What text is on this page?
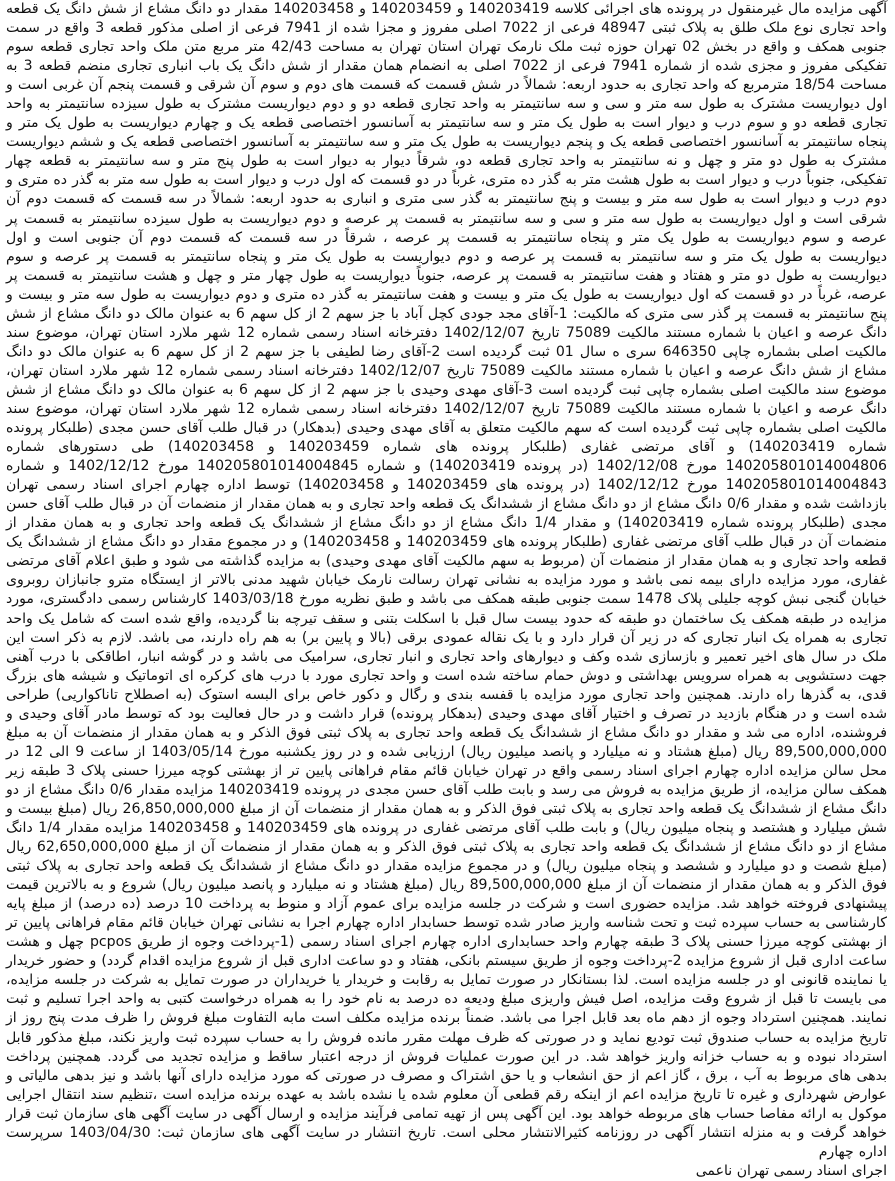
آگهی مزایده مال غیرمنقول در پرونده های اجرائی کلاسه 140203419 و 140203459 و 140203458 مقدار دو دانگ مشاع از شش دانگ یک قطعه واحد تجاری نوع ملک طلق به پلاک ثبتی 48947 فرعی از 7022 اصلی مفروز و مجزا شده از 7941 فرعی از اصلی مذکور قطعه 3 واقع در سمت جنوبی همکف و واقع در بخش 02 تهران حوزه ثبت ملک نارمک تهران استان تهران به مساحت 42/43 متر مربع متن ملک واحد تجاری قطعه سوم تفکیکی مفروز و مجزی شده از شماره 7941 فرعی از 7022 اصلی به انضمام همان مقدار از شش دانگ یک باب انباری تجاری منضم قطعه 3 به مساحت 18/54 مترمربع که واحد تجاری به حدود اربعه: شمالاً در شش قسمت که قسمت های دوم و سوم آن شرقی و قسمت پنجم آن غربی است و اول دیواریست مشترک به طول سه متر و سی و سه سانتیمتر به واحد تجاری قطعه دو و دوم دیواریست مشترک به طول سیزده سانتیمتر به واحد تجاری قطعه دو و سوم درب و دیوار است به طول یک متر و سه سانتیمتر به آسانسور اختصاصی قطعه یک و چهارم دیواریست به طول یک متر و پنجاه سانتیمتر به آسانسور اختصاصی قطعه یک و پنجم دیواریست به طول یک متر و سه سانتیمتر به آسانسور اختصاصی قطعه یک و ششم دیواریست مشترک به طول دو متر و چهل و نه سانتیمتر به واحد تجاری قطعه دو، شرقاً دیوار به دیوار است به طول پنج متر و سه سانتیمتر به قطعه چهار تفکیکی، جنوباً درب و دیوار است به طول هشت متر به گذر ده متری، غرباً در دو قسمت که اول درب و دیوار است به طول سه متر به گذر ده متری و دوم درب و دیوار است به طول سه متر و بیست و پنج سانتیمتر به گذر سی متری و انباری به حدود اربعه: شمالاً در سه قسمت که قسمت دوم آن شرقی است و اول دیواریست به طول سه متر و سی و سه سانتیمتر به قسمت پر عرصه و دوم دیواریست به طول سیزده سانتیمتر به قسمت پر عرصه و سوم دیواریست به طول یک متر و پنجاه سانتیمتر به قسمت پر عرصه ، شرقاً در سه قسمت که قسمت دوم آن جنوبی است و اول دیواریست به طول یک متر و سه سانتیمتر به قسمت پر عرصه و دوم دیواریست به طول یک متر و پنجاه سانتیمتر به قسمت پر عرصه و سوم دیواریست به طول دو متر و هفتاد و هفت سانتیمتر به قسمت پر عرصه، جنوباً دیواریست به طول چهار متر و چهل و هشت سانتیمتر به قسمت پر عرصه، غرباً در دو قسمت که اول دیواریست به طول یک متر و بیست و هفت سانتیمتر به گذر ده متری و دوم دیواریست به طول سه متر و بیست و پنج سانتیمتر به قسمت پر گذر سی متری که مالکیت: 1-آقای مجد جودی کچل آباد با جز سهم 2 از کل سهم 6 به عنوان مالک دو دانگ مشاع از شش دانگ عرصه و اعیان با شماره مستند مالکیت 75089 تاریخ 1402/12/07 دفترخانه اسناد رسمی شماره 12 شهر ملارد استان تهران، موضوع سند مالکیت اصلی بشماره چاپی 646350 سری ه سال 01 ثبت گردیده است 2-آقای رضا لطیفی با جز سهم 2 از کل سهم 6 به عنوان مالک دو دانگ مشاع از شش دانگ عرصه و اعیان با شماره مستند مالکیت 75089 تاریخ 1402/12/07 دفترخانه اسناد رسمی شماره 12 شهر ملارد استان تهران، موضوع سند مالکیت اصلی بشماره چاپی ثبت گردیده است 3-آقای مهدی وحیدی با جز سهم 2 از کل سهم 6 به عنوان مالک دو دانگ مشاع از شش دانگ عرصه و اعیان با شماره مستند مالکیت 75089 تاریخ 1402/12/07 دفترخانه اسناد رسمی شماره 12 شهر ملارد استان تهران، موضوع سند مالکیت اصلی بشماره چاپی ثبت گردیده است که سهم مالکیت متعلق به آقای مهدی وحیدی (بدهکار) در قبال طلب آقای حسن مجدی (طلبکار پرونده شماره 140203419) و آقای مرتضی غفاری (طلبکار پرونده های شماره 140203459 و 140203458) طی دستورهای شماره 140205801014004806 مورخ 1402/12/08 (در پرونده 140203419) و شماره 140205801014004845 مورخ 1402/12/12 و شماره 140205801014004843 مورخ 1402/12/12 (در پرونده های 140203459 و 140203458) توسط اداره چهارم اجرای اسناد رسمی تهران بازداشت شده و مقدار 0/6 دانگ مشاع از دو دانگ مشاع از ششدانگ یک قطعه واحد تجاری و به همان مقدار از منضمات آن در قبال طلب آقای حسن مجدی (طلبکار پرونده شماره 140203419) و مقدار 1/4 دانگ مشاع از دو دانگ مشاع از ششدانگ یک قطعه واحد تجاری و به همان مقدار از منضمات آن در قبال طلب آقای مرتضی غفاری (طلبکار پرونده های 140203459 و 140203458) و در مجموع مقدار دو دانگ مشاع از ششدانگ یک قطعه واحد تجاری و به همان مقدار از منضمات آن (مربوط به سهم مالکیت آقای مهدی وحیدی) به مزایده گذاشته می شود و طبق اعلام آقای مرتضی غفاری، مورد مزایده دارای بیمه نمی باشد و مورد مزایده به نشانی تهران رسالت نارمک خیابان شهید مدنی بالاتر از ایستگاه مترو جانبازان روبروی خیابان گنجی نبش کوچه جلیلی پلاک 1478 سمت جنوبی طبقه همکف می باشد و طبق نظریه مورخ 1403/03/18 کارشناس رسمی دادگستری، مورد مزایده در طبقه همکف یک ساختمان دو طبقه که حدود بیست سال قبل با اسکلت بتنی و سقف تیرچه بنا گردیده، واقع شده است که شامل یک واحد تجاری به همراه یک انبار تجاری که در زیر آن قرار دارد و با یک نقاله عمودی برقی (بالا و پایین بر) به هم راه دارند، می باشد. لازم به ذکر است این ملک در سال های اخیر تعمیر و بازسازی شده وکف و دیوارهای واحد تجاری و انبار تجاری، سرامیک می باشد و در گوشه انبار، اطاقکی با درب آهنی جهت دستشویی به همراه سرویس بهداشتی و دوش حمام ساخته شده است و واحد تجاری مورد با درب های کرکره ای اتوماتیک و شیشه های بزرگ قدی، به گذرها راه دارند. همچنین واحد تجاری مورد مزایده با قفسه بندی و رگال و دکور خاص برای البسه استوک (به اصطلاح تاناکواریی) طراحی شده است و در هنگام بازدید در تصرف و اختیار آقای مهدی وحیدی (بدهکار پرونده) قرار داشت و در حال فعالیت بود که توسط مادر آقای وحیدی و فروشنده، اداره می شد و مقدار دو دانگ مشاع از ششدانگ یک قطعه واحد تجاری به پلاک ثبتی فوق الذکر و به همان مقدار از منضمات آن به مبلغ 89,500,000,000 ریال (مبلغ هشتاد و نه میلیارد و پانصد میلیون ریال) ارزیابی شده و در روز یکشنبه مورخ 1403/05/14 از ساعت 9 الی 12 در محل سالن مزایده اداره چهارم اجرای اسناد رسمی واقع در تهران خیابان قائم مقام فراهانی پایین تر از بهشتی کوچه میرزا حسنی پلاک 3 طبقه زیر همکف سالن مزایده، از طریق مزایده به فروش می رسد و بابت طلب آقای حسن مجدی در پرونده 140203419 مزایده مقدار 0/6 دانگ مشاع از دو دانگ مشاع از ششدانگ یک قطعه واحد تجاری به پلاک ثبتی فوق الذکر و به همان مقدار از منضمات آن از مبلغ 26,850,000,000 ریال (مبلغ بیست و شش میلیارد و هشتصد و پنجاه میلیون ریال) و بابت طلب آقای مرتضی غفاری در پرونده های 140203459 و 140203458 مزایده مقدار 1/4 دانگ مشاع از دو دانگ مشاع از ششدانگ یک قطعه واحد تجاری به پلاک ثبتی فوق الذکر و به همان مقدار از منضمات آن از مبلغ 62,650,000,000 ریال (مبلغ شصت و دو میلیارد و ششصد و پنجاه میلیون ریال) و در مجموع مزایده مقدار دو دانگ مشاع از ششدانگ یک قطعه واحد تجاری به پلاک ثبتی فوق الذکر و به همان مقدار از منضمات آن از مبلغ 89,500,000,000 ریال (مبلغ هشتاد و نه میلیارد و پانصد میلیون ریال) شروع و به بالاترین قیمت پیشنهادی فروخته خواهد شد. مزایده حضوری است و شرکت در جلسه مزایده برای عموم آزاد و منوط به پرداخت 10 درصد (ده درصد) از مبلغ پایه کارشناسی به حساب سپرده ثبت و تحت شناسه واریز صادر شده توسط حسابدار اداره چهارم اجرا به نشانی تهران خیابان قائم مقام فراهانی پایین تر از بهشتی کوچه میرزا حسنی پلاک 3 طبقه چهارم واحد حسابداری اداره چهارم اجرای اسناد رسمی (1-پرداخت وجوه از طریق pcpos چهل و هشت ساعت اداری قبل از شروع مزایده 2-پرداخت وجوه از طریق سیستم بانکی، هفتاد و دو ساعت اداری قبل از شروع مزایده اقدام گردد) و حضور خریدار یا نماینده قانونی او در جلسه مزایده است. لذا بستانکار در صورت تمایل به رقابت و خریدار یا خریداران در صورت تمایل به شرکت در جلسه مزایده، می بایست تا قبل از شروع وقت مزایده، اصل فیش واریزی مبلغ ودیعه ده درصد به نام خود را به همراه درخواست کتبی به واحد اجرا تسلیم و ثبت نمایند. همچنین استرداد وجوه از دهم ماه بعد قابل اجرا می باشد. ضمناً برنده مزایده مکلف است مابه التفاوت مبلغ فروش را ظرف مدت پنج روز از تاریخ مزایده به حساب صندوق ثبت تودیع نماید و در صورتی که ظرف مهلت مقرر مانده فروش را به حساب سپرده ثبت واریز نکند، مبلغ مذکور قابل استرداد نبوده و به حساب خزانه واریز خواهد شد. در این صورت عملیات فروش از درجه اعتبار ساقط و مزایده تجدید می گردد. همچنین پرداخت بدهی های مربوط به آب ، برق ، گاز اعم از حق انشعاب و یا حق اشتراک و مصرف در صورتی که مورد مزایده دارای آنها باشد و نیز بدهی مالیاتی و عوارض شهرداری و غیره تا تاریخ مزایده اعم از اینکه رقم قطعی آن معلوم شده یا نشده باشد به عهده برنده مزایده است ،تنظیم سند انتقال اجرایی موکول به ارائه مفاصا حساب های مربوطه خواهد بود. این آگهی پس از تهیه تمامی فرآیند مزایده و ارسال آگهی در سایت آگهی های سازمان ثبت قرار خواهد گرفت و به منزله انتشار آگهی در روزنامه کثیرالانتشار محلی است. تاریخ انتشار در سایت آگهی های سازمان ثبت: 1403/04/30 سرپرست اداره چهارم

اجرای اسناد رسمی تهران ناعمی
